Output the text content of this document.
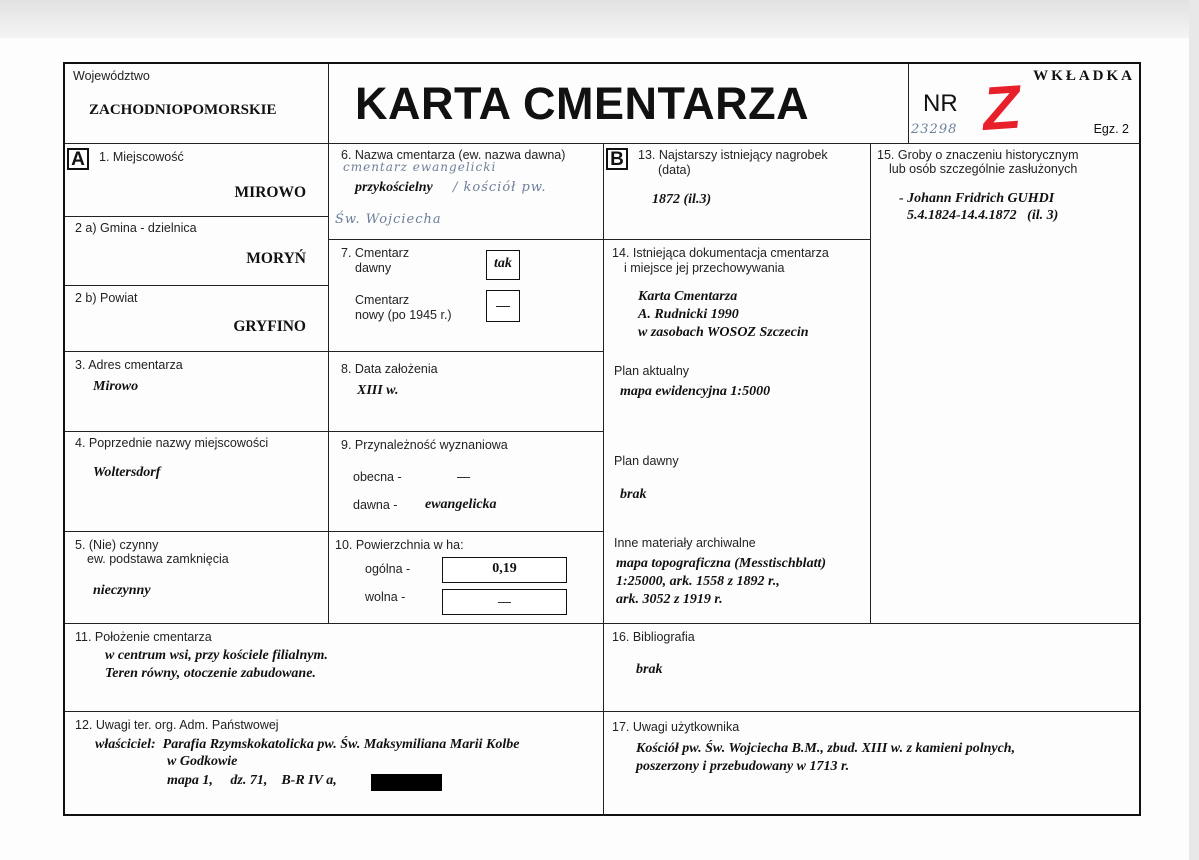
Województwo
ZACHODNIOPOMORSKIE KARTA CMENTARZA
WKŁADKA
NR
23298 Z	Egz. 2
A	1. Miejscowość
MIROWO
2 a) Gmina - dzielnica
MORYŃ
2 b) Powiat
GRYFINO
3. Adres cmentarza
Mirowo
4. Poprzednie nazwy miejscowości
Woltersdorf
5. (Nie) czynny
ew. podstawa zamknięcia
nieczynny
6. Nazwa cmentarza (ew. nazwa dawna)
cmentarz ewangelicki
przykościelny / kościół pw.
Św. Wojciecha
7. Cmentarz
dawny	tak
Cmentarz
nowy (po 1945 r.)
—
8. Data założenia
XIII w.
9. Przynależność wyznaniowa
obecna -	—
dawna - ewangelicka
10. Powierzchnia w ha:
ogólna -	0,19
wolna -	—
B	13. Najstarszy istniejący nagrobek
(data)
1872 (il.3)
14. Istniejąca dokumentacja cmentarza
i miejsce jej przechowywania
Karta Cmentarza
A. Rudnicki 1990
w zasobach WOSOZ Szczecin
Plan aktualny
mapa ewidencyjna 1:5000
Plan dawny
brak
Inne materiały archiwalne
mapa topograficzna (Messtischblatt)
1:25000, ark. 1558 z 1892 r.,
ark. 3052 z 1919 r.
15. Groby o znaczeniu historycznym
lub osób szczególnie zasłużonych
- Johann Fridrich GUHDI
5.4.1824-14.4.1872   (il. 3)
11. Położenie cmentarza
w centrum wsi, przy kościele filialnym.
Teren równy, otoczenie zabudowane.
16. Bibliografia
brak
12. Uwagi ter. org. Adm. Państwowej
właściciel:  Parafia Rzymskokatolicka pw. Św. Maksymiliana Marii Kolbe
w Godkowie
mapa 1,     dz. 71,    B-R IV a,
17. Uwagi użytkownika
Kościół pw. Św. Wojciecha B.M., zbud. XIII w. z kamieni polnych,
poszerzony i przebudowany w 1713 r.
